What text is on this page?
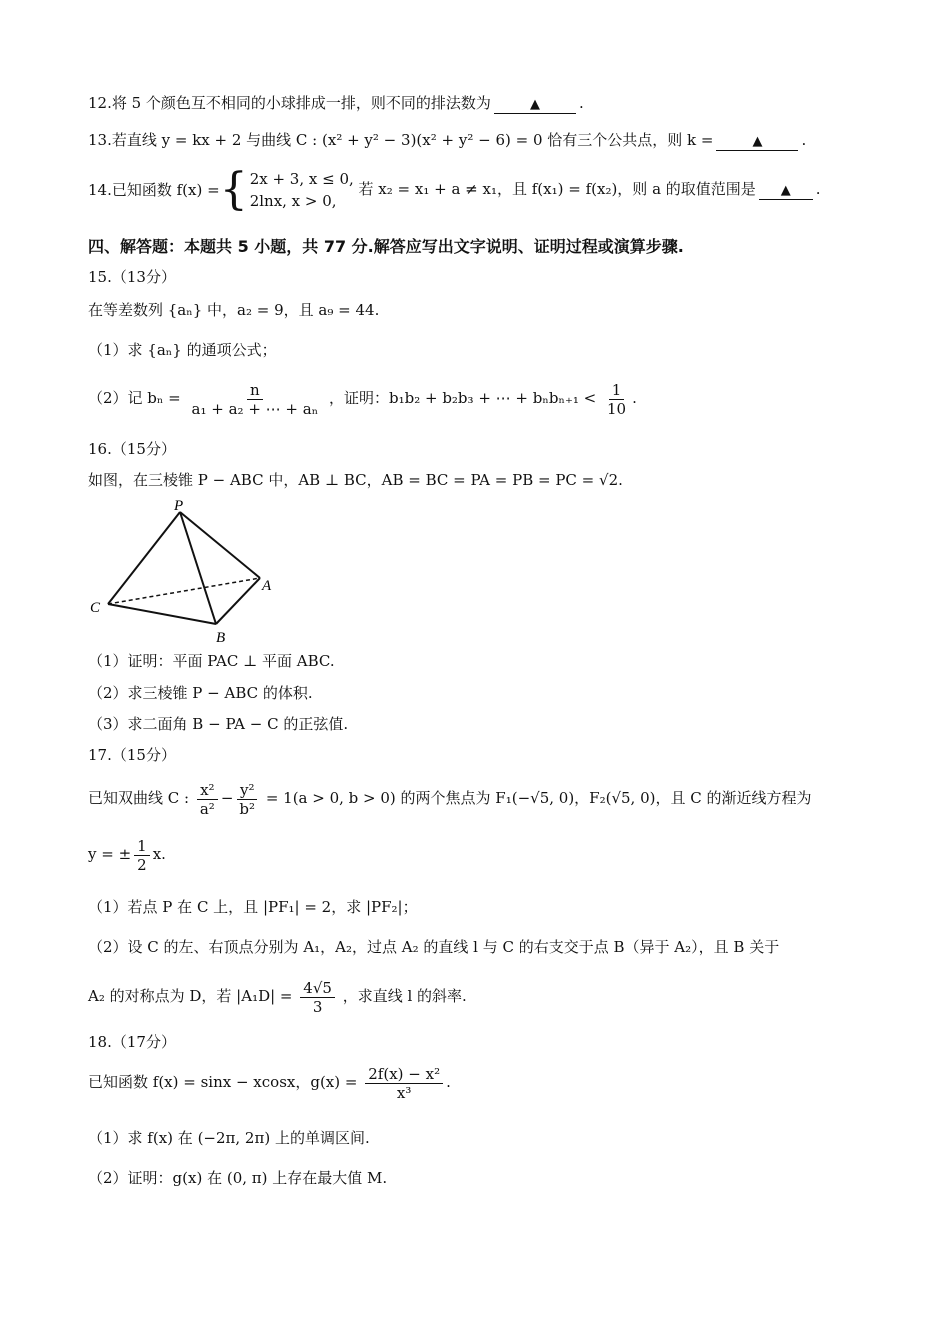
12.将 5 个颜色互不相同的小球排成一排，则不同的排法数为	▲	.
13.若直线 y = kx + 2 与曲线 C : (x² + y² − 3)(x² + y² − 6) = 0 恰有三个公共点，则 k =	▲	.
14.已知函数 f(x) = { 2x + 3, x ≤ 0,
2lnx, x > 0,
若 x₂ = x₁ + a ≠ x₁，且 f(x₁) = f(x₂)，则 a 的取值范围是 ▲ .
四、解答题：本题共 5 小题，共 77 分.解答应写出文字说明、证明过程或演算步骤.
15.（13分）
在等差数列 {aₙ} 中，a₂ = 9，且 a₉ = 44.
（1）求 {aₙ} 的通项公式；
（2）记 $b_n = \frac{n}{\text{a₁ + a₂ + ⋯ + aₙ}}$ ，证明：b₁b₂ + b₂b₃ + ⋯ + $b_nb_{n+1} < \frac{1}{10}$ .
16.（15分）
如图，在三棱锥 P − ABC 中，AB ⊥ BC，AB = BC = PA = PB = PC = √2.
P
A
B
C
（1）证明：平面 PAC ⊥ 平面 ABC.
（2）求三棱锥 P − ABC 的体积.
（3）求二面角 B − PA − C 的正弦值.
17.（15分）
已知双曲线 C : $\frac{\text{x²}}{\text{a²}} - \frac{\text{y²}}{\text{b²}} = 1(a > 0$, b > 0) 的两个焦点为 F₁(−√5, 0)，F₂(√5, 0)，且 C 的渐近线方程为
y = ± $\frac{1}{2} x$.
（1）若点 P 在 C 上，且 |PF₁| = 2，求 |PF₂|；
（2）设 C 的左、右顶点分别为 A₁，A₂，过点 A₂ 的直线 l 与 C 的右支交于点 B（异于 A₂），且 B 关于
A₂ 的对称点为 D，若 $|A_1D| = \frac{4√5}{3}$ ，求直线 l 的斜率.
18.（17分）
已知函数 f(x) = sinx − xcosx，$g(x) = \frac{\text{2f(x) − x²}}{\text{x³}}$ .
（1）求 f(x) 在 (−2π, 2π) 上的单调区间.
（2）证明：g(x) 在 (0, π) 上存在最大值 M.
